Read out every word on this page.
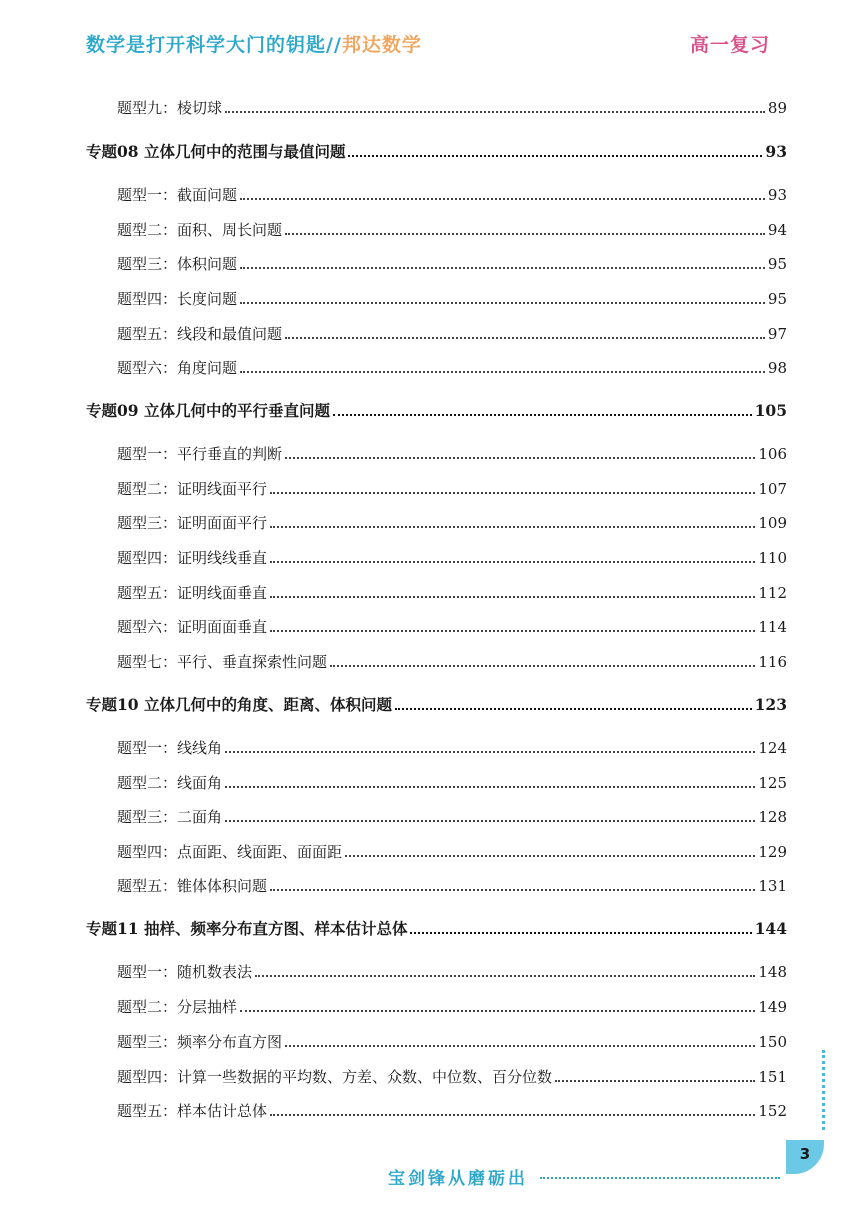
数学是打开科学大门的钥匙//邦达数学	高一复习
题型九：棱切球	89
专题08 立体几何中的范围与最值问题	93
题型一：截面问题	93
题型二：面积、周长问题	94
题型三：体积问题	95
题型四：长度问题	95
题型五：线段和最值问题	97
题型六：角度问题	98
专题09 立体几何中的平行垂直问题	105
题型一：平行垂直的判断	106
题型二：证明线面平行	107
题型三：证明面面平行	109
题型四：证明线线垂直	110
题型五：证明线面垂直	112
题型六：证明面面垂直	114
题型七：平行、垂直探索性问题	116
专题10 立体几何中的角度、距离、体积问题	123
题型一：线线角	124
题型二：线面角	125
题型三：二面角	128
题型四：点面距、线面距、面面距	129
题型五：锥体体积问题	131
专题11 抽样、频率分布直方图、样本估计总体	144
题型一：随机数表法	148
题型二：分层抽样	149
题型三：频率分布直方图	150
题型四：计算一些数据的平均数、方差、众数、中位数、百分位数	151
题型五：样本估计总体	152
3
宝剑锋从磨砺出
